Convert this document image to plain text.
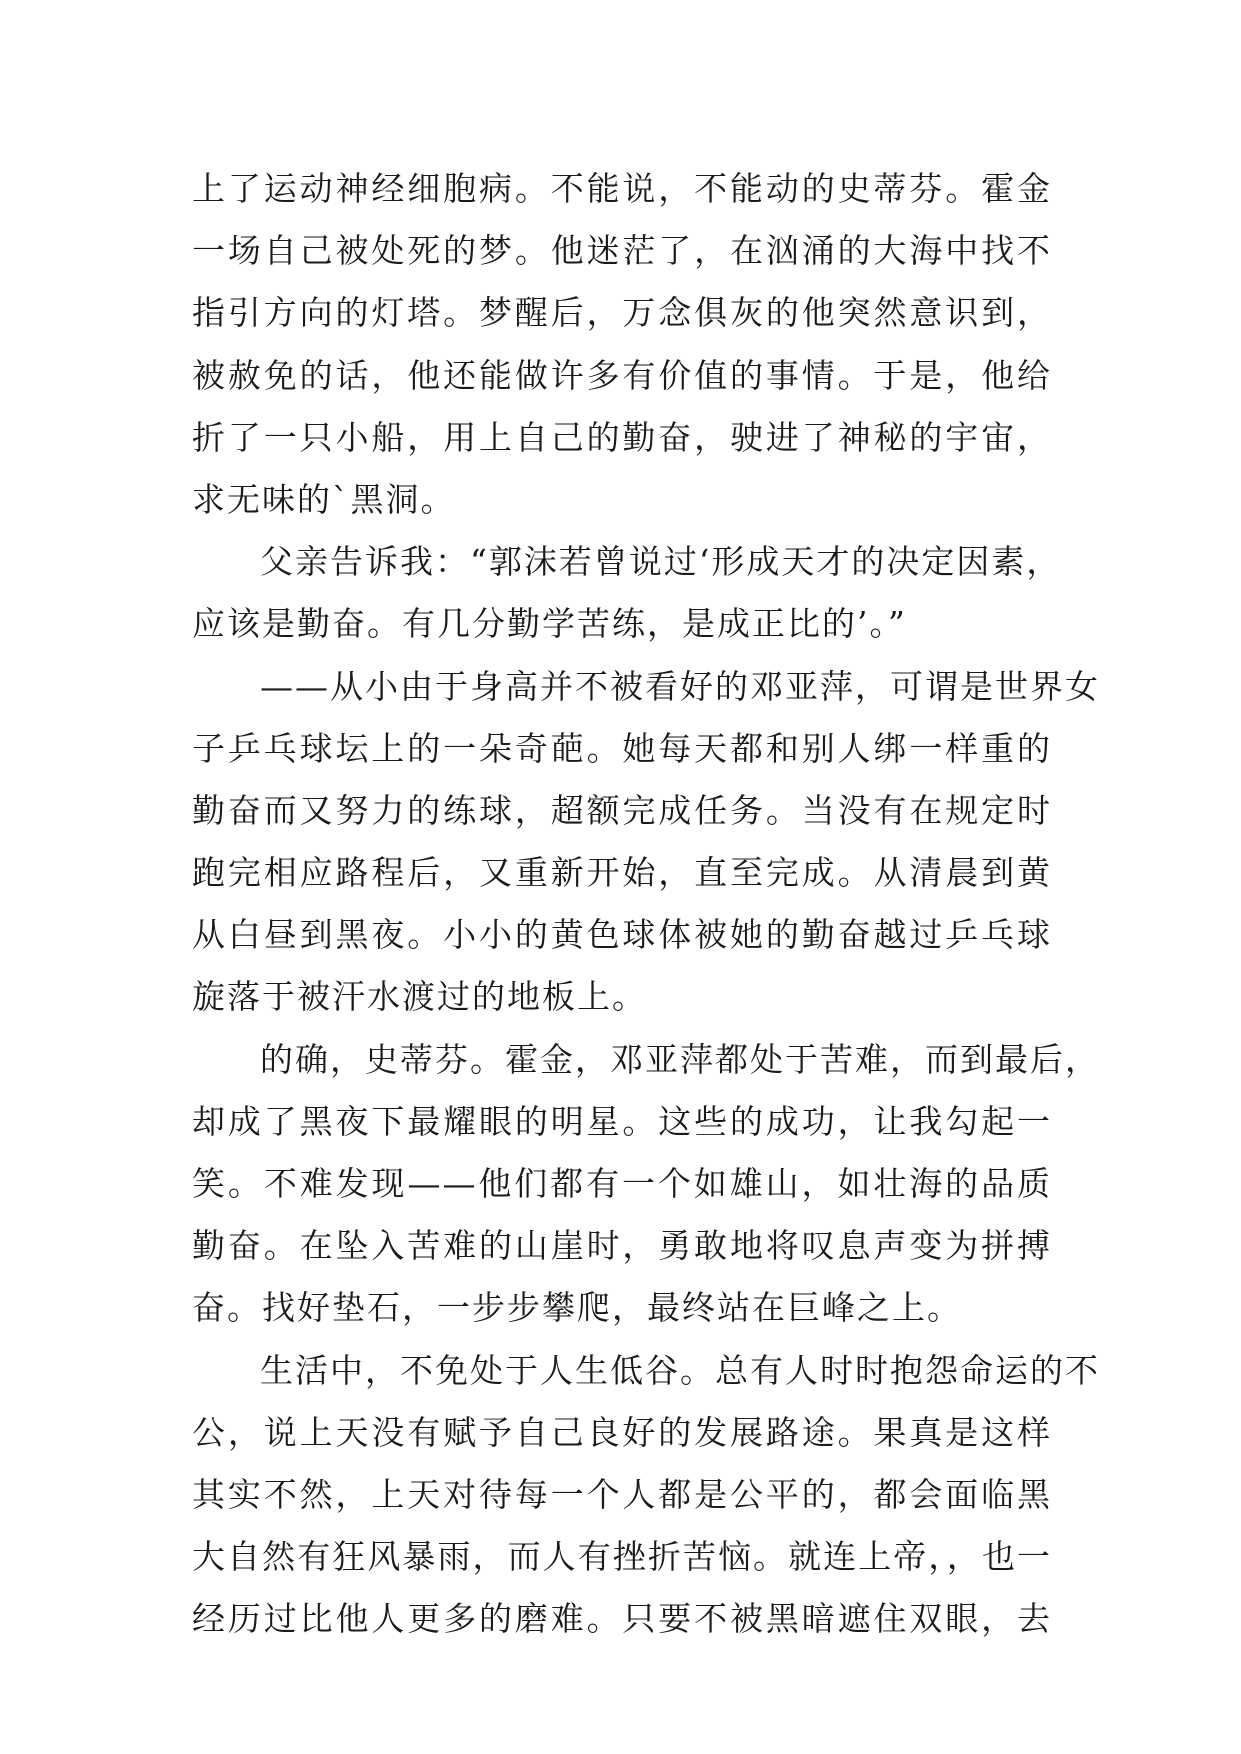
上了运动神经细胞病。不能说，不能动的史蒂芬。霍金
一场自己被处死的梦。他迷茫了，在汹涌的大海中找不
指引方向的灯塔。梦醒后，万念俱灰的他突然意识到，
被赦免的话，他还能做许多有价值的事情。于是，他给
折了一只小船，用上自己的勤奋，驶进了神秘的宇宙，
求无味的`黑洞。
父亲告诉我：“郭沫若曾说过‘形成天才的决定因素，
应该是勤奋。有几分勤学苦练，是成正比的’。”
——从小由于身高并不被看好的邓亚萍，可谓是世界女
子乒乓球坛上的一朵奇葩。她每天都和别人绑一样重的
勤奋而又努力的练球，超额完成任务。当没有在规定时
跑完相应路程后，又重新开始，直至完成。从清晨到黄
从白昼到黑夜。小小的黄色球体被她的勤奋越过乒乓球
旋落于被汗水渡过的地板上。
的确，史蒂芬。霍金，邓亚萍都处于苦难，而到最后，
却成了黑夜下最耀眼的明星。这些的成功，让我勾起一
笑。不难发现——他们都有一个如雄山，如壮海的品质
勤奋。在坠入苦难的山崖时，勇敢地将叹息声变为拼搏
奋。找好垫石，一步步攀爬，最终站在巨峰之上。
生活中，不免处于人生低谷。总有人时时抱怨命运的不
公，说上天没有赋予自己良好的发展路途。果真是这样
其实不然，上天对待每一个人都是公平的，都会面临黑
大自然有狂风暴雨，而人有挫折苦恼。就连上帝，，也一
经历过比他人更多的磨难。只要不被黑暗遮住双眼，去
